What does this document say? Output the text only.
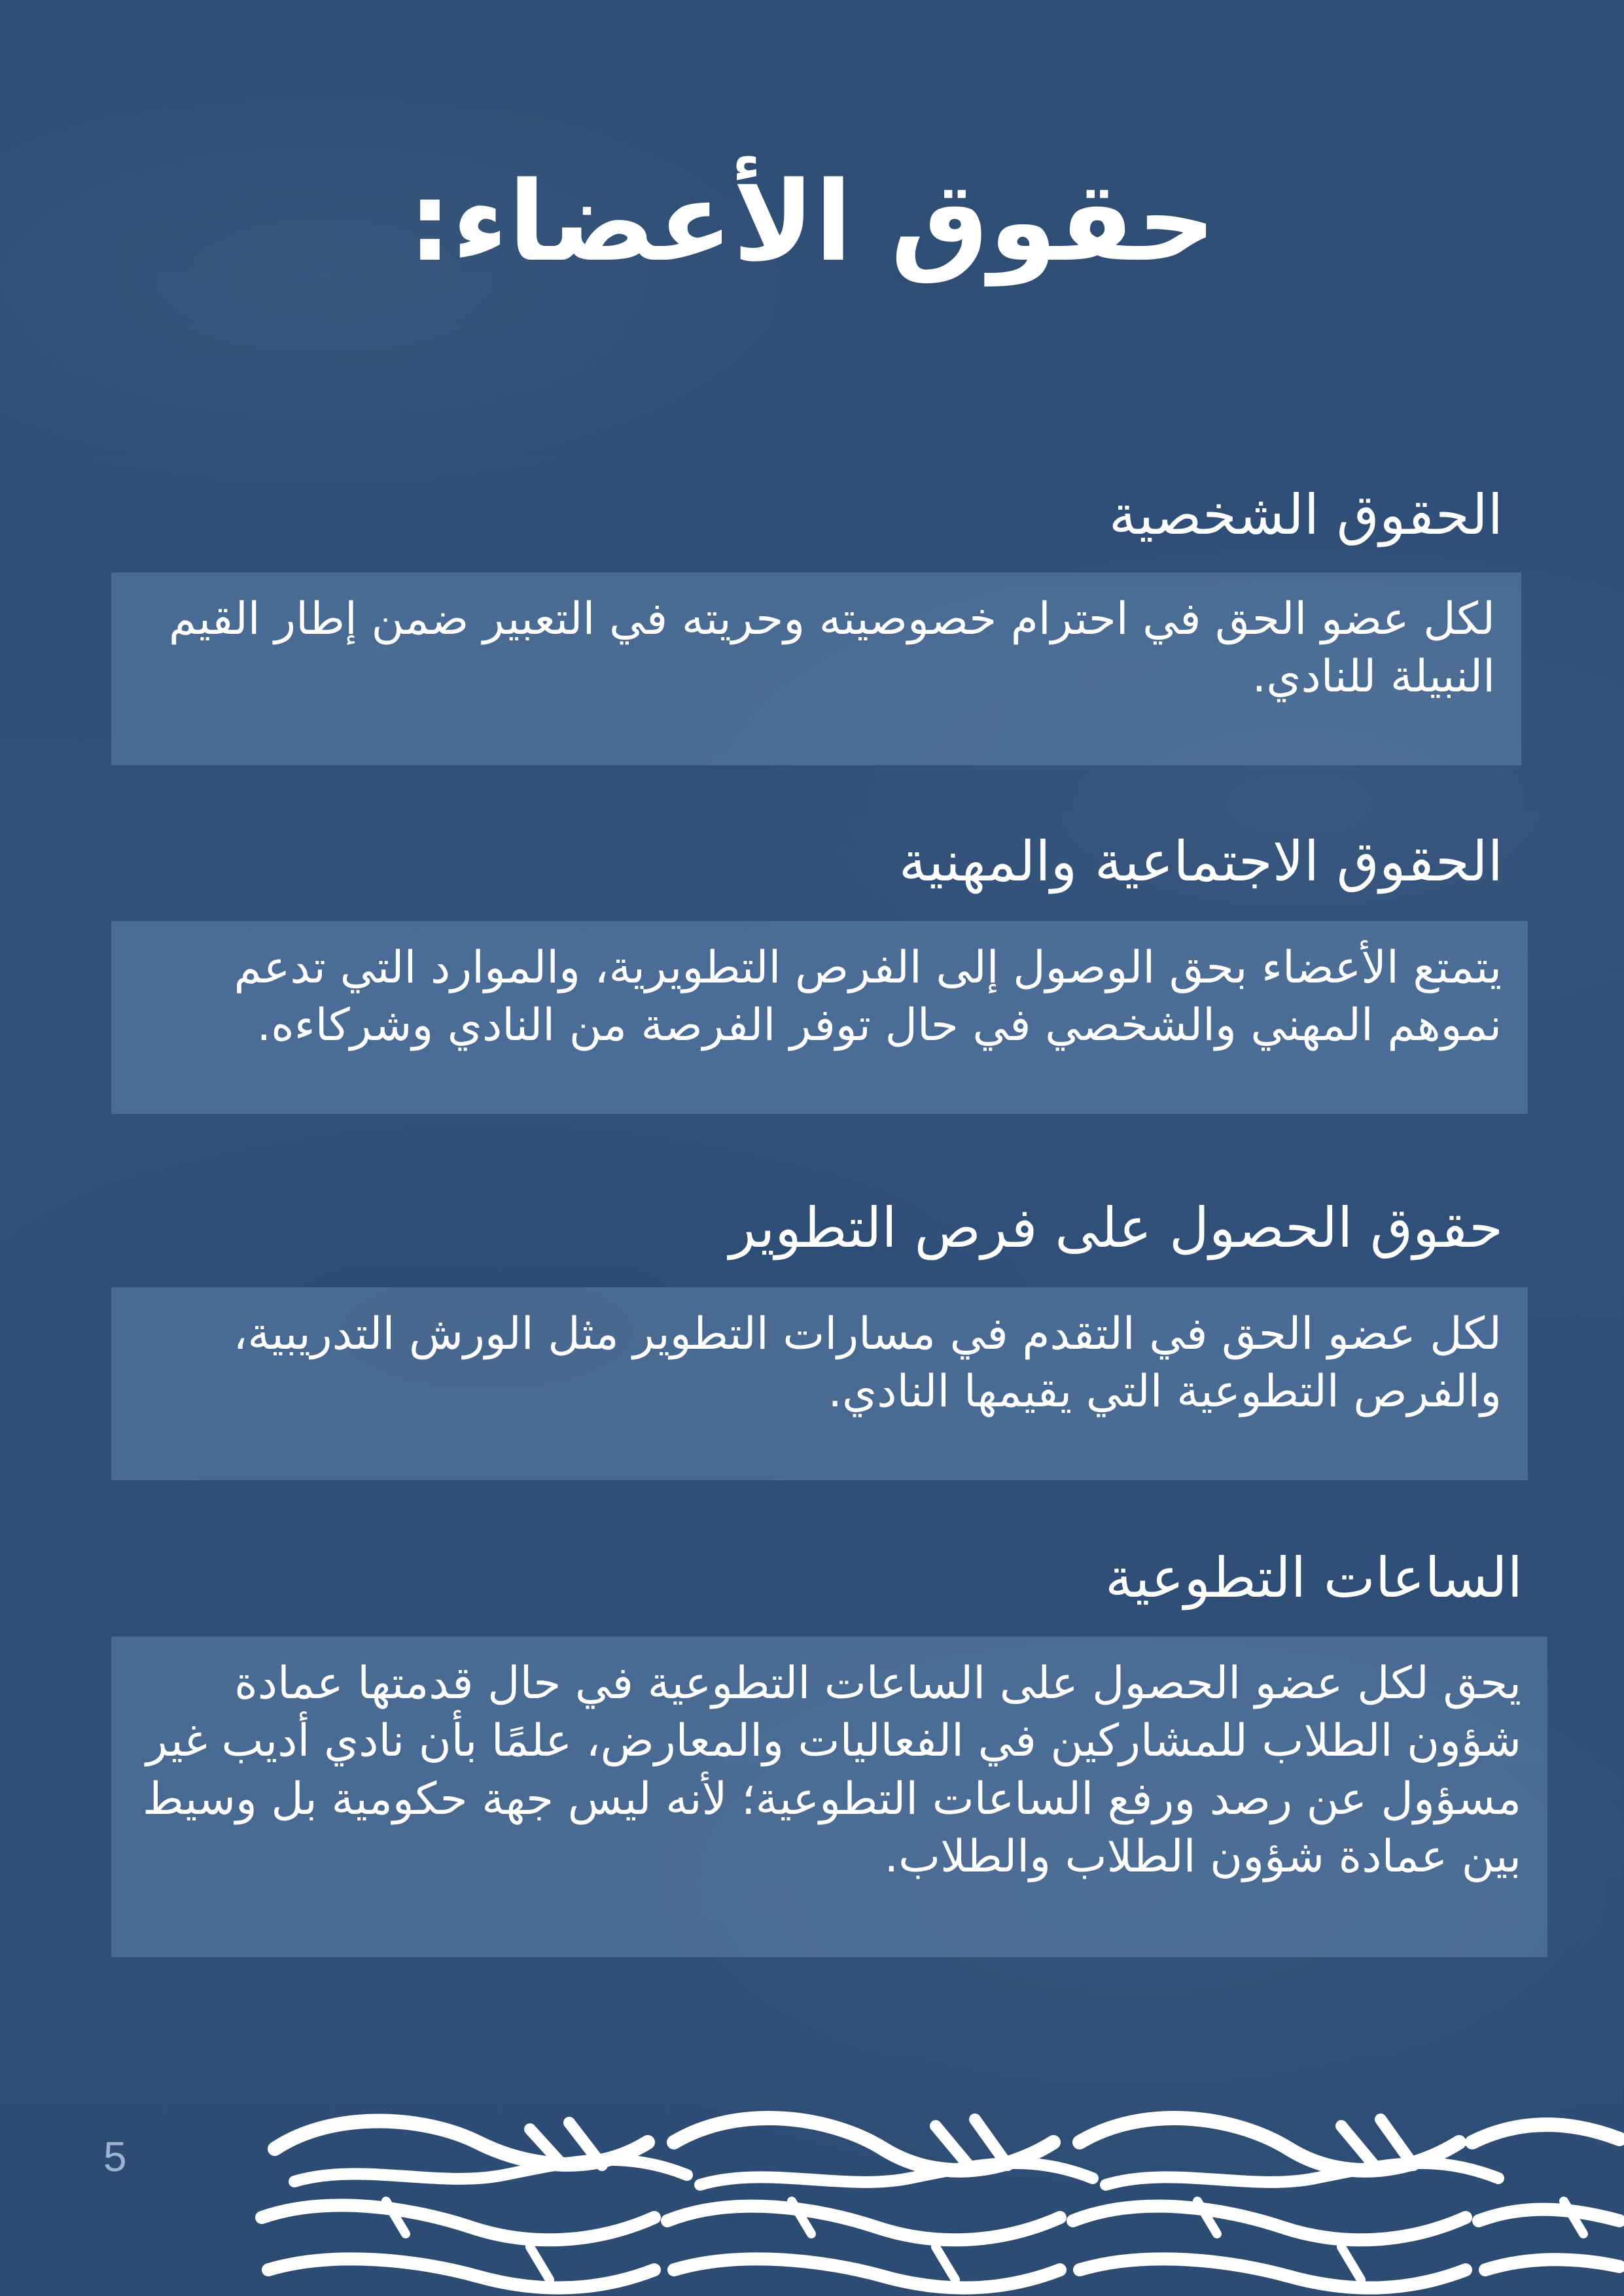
حقوق الأعضاء:
الحقوق الشخصية

لكل عضو الحق في احترام خصوصيته وحريته في التعبير ضمن إطار القيم النبيلة للنادي.

الحقوق الاجتماعية والمهنية

يتمتع الأعضاء بحق الوصول إلى الفرص التطويرية، والموارد التي تدعم نموهم المهني والشخصي في حال توفر الفرصة من النادي وشركاءه.

حقوق الحصول على فرص التطوير

لكل عضو الحق في التقدم في مسارات التطوير مثل الورش التدريبية، والفرص التطوعية التي يقيمها النادي.

الساعات التطوعية

يحق لكل عضو الحصول على الساعات التطوعية في حال قدمتها عمادة شؤون الطلاب للمشاركين في الفعاليات والمعارض، علمًا بأن نادي أديب غير مسؤول عن رصد ورفع الساعات التطوعية؛ لأنه ليس جهة حكومية بل وسيط بين عمادة شؤون الطلاب والطلاب.

5
